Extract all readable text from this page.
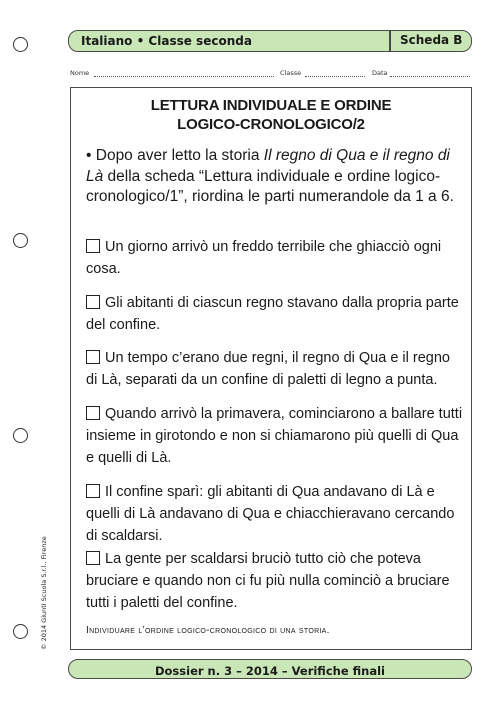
Italiano • Classe seconda	Scheda B
Nome	Classe	Data
LETTURA INDIVIDUALE E ORDINE
LOGICO-CRONOLOGICO/2
• Dopo aver letto la storia Il regno di Qua e il regno di Là della scheda “Lettura individuale e ordine logico-cronologico/1”, riordina le parti numerandole da 1 a 6.
Un giorno arrivò un freddo terribile che ghiacciò ogni cosa.
Gli abitanti di ciascun regno stavano dalla propria parte del confine.
Un tempo c’erano due regni, il regno di Qua e il regno di Là, separati da un confine di paletti di legno a punta.
Quando arrivò la primavera, cominciarono a ballare tutti insieme in girotondo e non si chiamarono più quelli di Qua e quelli di Là.
Il confine sparì: gli abitanti di Qua andavano di Là e quelli di Là andavano di Qua e chiacchieravano cercando di scaldarsi.
La gente per scaldarsi bruciò tutto ciò che poteva bruciare e quando non ci fu più nulla cominciò a bruciare tutti i paletti del confine.
Individuare l’ordine logico-cronologico di una storia.
Dossier n. 3 – 2014 – Verifiche finali
© 2014 Giunti Scuola S.r.l., Firenze
